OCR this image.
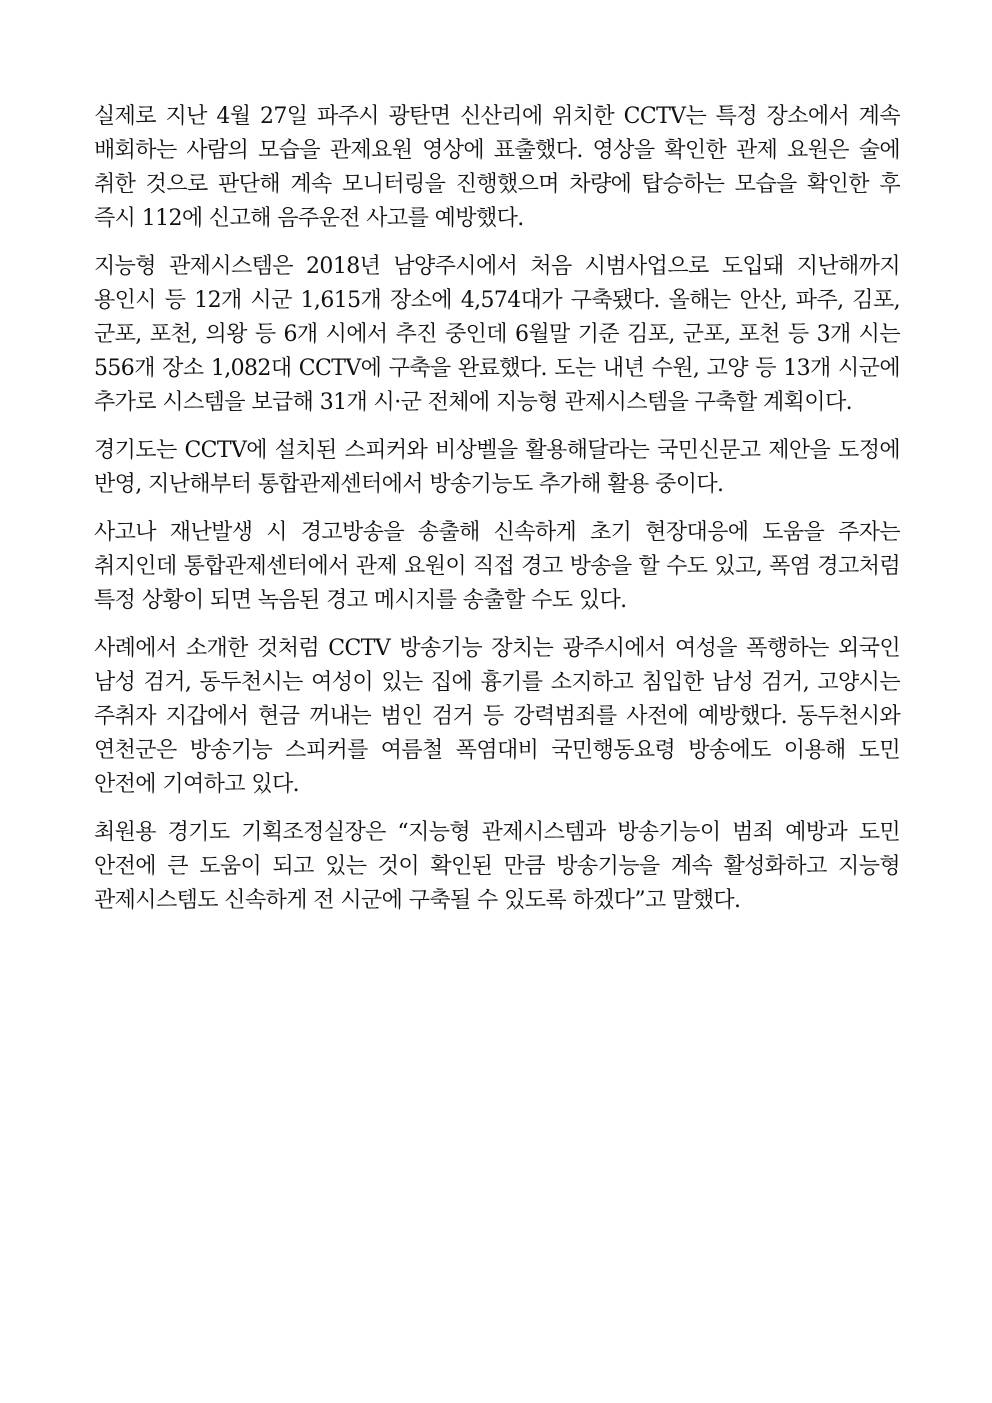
실제로 지난 4월 27일 파주시 광탄면 신산리에 위치한 CCTV는 특정 장소에서 계속 배회하는 사람의 모습을 관제요원 영상에 표출했다. 영상을 확인한 관제 요원은 술에 취한 것으로 판단해 계속 모니터링을 진행했으며 차량에 탑승하는 모습을 확인한 후 즉시 112에 신고해 음주운전 사고를 예방했다.

지능형 관제시스템은 2018년 남양주시에서 처음 시범사업으로 도입돼 지난해까지 용인시 등 12개 시군 1,615개 장소에 4,574대가 구축됐다. 올해는 안산, 파주, 김포, 군포, 포천, 의왕 등 6개 시에서 추진 중인데 6월말 기준 김포, 군포, 포천 등 3개 시는 556개 장소 1,082대 CCTV에 구축을 완료했다. 도는 내년 수원, 고양 등 13개 시군에 추가로 시스템을 보급해 31개 시·군 전체에 지능형 관제시스템을 구축할 계획이다.

경기도는 CCTV에 설치된 스피커와 비상벨을 활용해달라는 국민신문고 제안을 도정에 반영, 지난해부터 통합관제센터에서 방송기능도 추가해 활용 중이다.

사고나 재난발생 시 경고방송을 송출해 신속하게 초기 현장대응에 도움을 주자는 취지인데 통합관제센터에서 관제 요원이 직접 경고 방송을 할 수도 있고, 폭염 경고처럼 특정 상황이 되면 녹음된 경고 메시지를 송출할 수도 있다.

사례에서 소개한 것처럼 CCTV 방송기능 장치는 광주시에서 여성을 폭행하는 외국인 남성 검거, 동두천시는 여성이 있는 집에 흉기를 소지하고 침입한 남성 검거, 고양시는 주취자 지갑에서 현금 꺼내는 범인 검거 등 강력범죄를 사전에 예방했다. 동두천시와 연천군은 방송기능 스피커를 여름철 폭염대비 국민행동요령 방송에도 이용해 도민 안전에 기여하고 있다.

최원용 경기도 기획조정실장은 “지능형 관제시스템과 방송기능이 범죄 예방과 도민 안전에 큰 도움이 되고 있는 것이 확인된 만큼 방송기능을 계속 활성화하고 지능형 관제시스템도 신속하게 전 시군에 구축될 수 있도록 하겠다”고 말했다.
